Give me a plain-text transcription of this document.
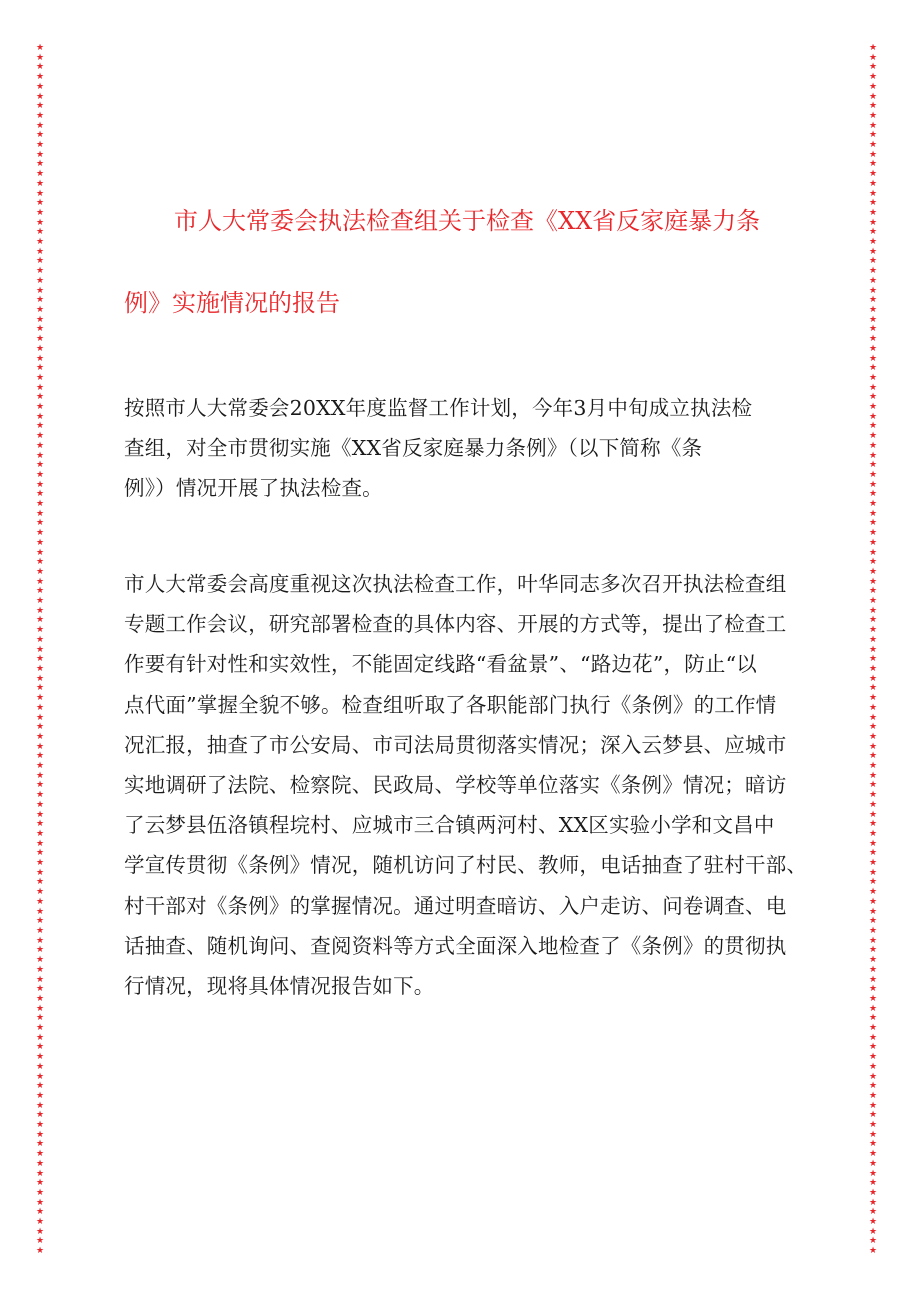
★
★
★
★
★
★
★
★
★
★
★
★
★
★
★
★
★
★
★
★
★
★
★
★
★
★
★
★
★
★
★
★
★
★
★
★
★
★
★
★
★
★
★
★
★
★
★
★
★
★
★
★
★
★
★
★
★
★
★
★
★
★
★
★
★
★
★
★
★
★
★
★
★
★
★
★
★
★
★
★
★
★
★
★
★
★
★
★
★
★
★
★
★
★
★
★
★
★
★
★
★
★
★
★
★
★
★
★
★
★
★
★
★
★
★
★
★
★
★
★
★
★
★
★
★
★
★
★
★
★
★
★
★
★
★
★
★
★
★
★
★
★
★
★
★
★
★
★
★
★
★
★
★
★
★
★
★
★
★
★
★
★
★
★
★
★
★
★
★
★
★
★
★
★
★
★
★
★
★
★
★
★
★
★
★
★
★
★
★
★
★
★
★
★
★
★
★
★
★
★
★
★
★
★
★
★
★
★
★
★
★
★
★
★
★
★
★
★
★
★
★
★
★
★
★
★
★
★
★
★
★
★
★
★
★
★
★
★
★
★
★
★
★
★
★
★
★
★
★
★
市人大常委会执法检查组关于检查《XX省反家庭暴力条
例》实施情况的报告

按照市人大常委会20XX年度监督工作计划，今年3月中旬成立执法检
查组，对全市贯彻实施《XX省反家庭暴力条例》（以下简称《条
例》）情况开展了执法检查。

市人大常委会高度重视这次执法检查工作，叶华同志多次召开执法检查组
专题工作会议，研究部署检查的具体内容、开展的方式等，提出了检查工
作要有针对性和实效性，不能固定线路“看盆景”、“路边花”，防止“以
点代面”掌握全貌不够。检查组听取了各职能部门执行《条例》的工作情
况汇报，抽查了市公安局、市司法局贯彻落实情况；深入云梦县、应城市
实地调研了法院、检察院、民政局、学校等单位落实《条例》情况；暗访
了云梦县伍洛镇程垸村、应城市三合镇两河村、XX区实验小学和文昌中
学宣传贯彻《条例》情况，随机访问了村民、教师，电话抽查了驻村干部、
村干部对《条例》的掌握情况。通过明查暗访、入户走访、问卷调查、电
话抽查、随机询问、查阅资料等方式全面深入地检查了《条例》的贯彻执
行情况，现将具体情况报告如下。
